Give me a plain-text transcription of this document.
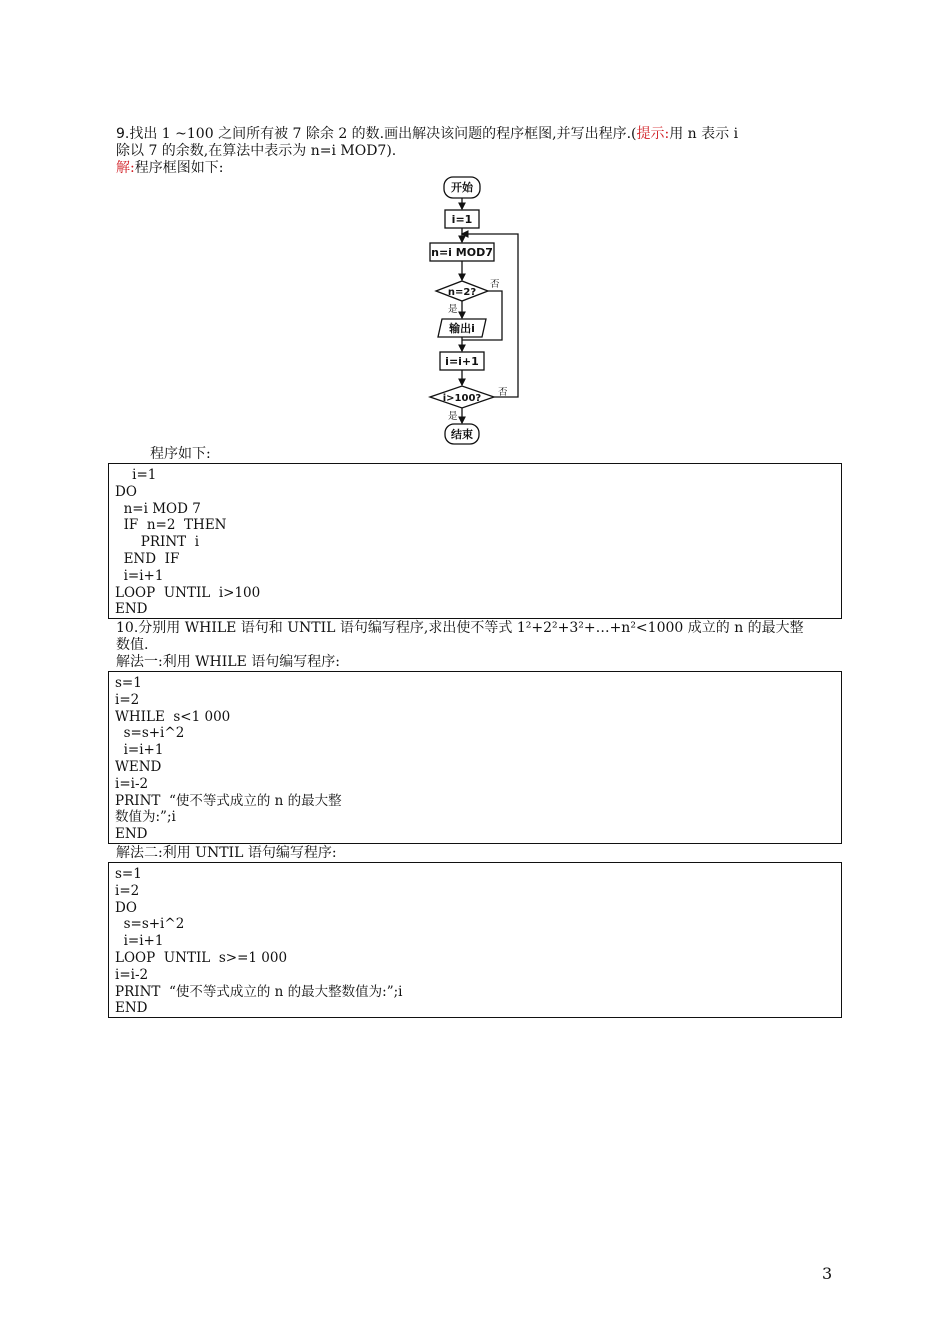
9.找出 1 ~100 之间所有被 7 除余 2 的数.画出解决该问题的程序框图,并写出程序.(提示:用 n 表示 i
除以 7 的余数,在算法中表示为 n=i MOD7).
解:程序框图如下:
开始
i=1
n=i MOD7
n=2?
输出i
i=i+1
i>100?
结束
是
否
是
否
程序如下:
i=1
DO
n=i MOD 7
IF  n=2  THEN
PRINT  i
END  IF
i=i+1
LOOP  UNTIL  i>100
END
10.分别用 WHILE 语句和 UNTIL 语句编写程序,求出使不等式 1²+2²+3²+…+n²<1000 成立的 n 的最大整
数值.
解法一:利用 WHILE 语句编写程序:
s=1
i=2
WHILE  s<1 000
s=s+i^2
i=i+1
WEND
i=i-2
PRINT  “使不等式成立的 n 的最大整
数值为:”;i
END
解法二:利用 UNTIL 语句编写程序:
s=1
i=2
DO
s=s+i^2
i=i+1
LOOP  UNTIL  s>=1 000
i=i-2
PRINT  “使不等式成立的 n 的最大整数值为:”;i
END
3
